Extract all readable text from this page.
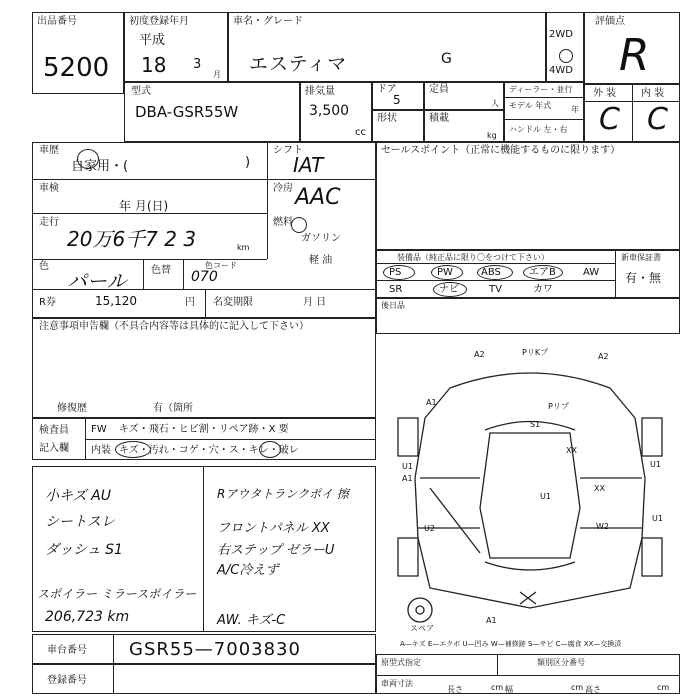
出品番号
5200
初度登録年月
平成
18 3
月
車名・グレード
エスティマ	G
2WD
4WD
評価点
R
外 装 内 装
C C
型式
DBA-GSR55W
排気量
3,500
cc
ドア
5
定員
人
形状	積載
kg
ディーラー・並行
モデル 年式 年
ハンドル 左・右
車歴
自家用・(	)
シフト
IAT
車検
年 月(日)
冷房 AAC
走行
20万6千7 2 3	km
燃料
ガソリン
軽 油
色
パール 色替	色コード
070
R券	15,120	円 名変期限	月 日
セールスポイント（正常に機能するものに限ります）
装備品（純正品に限り〇をつけて下さい）	新車保証書
有・無
PS	PW	ABS	エアB	AW
SR	ナビ	TV	カワ
後日品
注意事項申告欄（不具合内容等は具体的に記入して下さい）
修復歴	有（箇所
検査員
記入欄
FW キズ・飛石・ヒビ割・リペア跡・X 要
内装 キズ・汚れ・コゲ・穴・ス・キレ・破レ
小キズ AU
シートスレ
ダッシュ S1
スポイラー ミラースポイラー
206,723 km
Rアウタトランクポイ 擦
フロントパネル XX
右ステップ ゼラーU
A/C冷えず
AW. キズ-C
A2	PリKプ	A2
A1
S1
Pリプ
XX
U1
A1
U1
U2	W2
U1
U1
XX
A1
スペア
A—キズ E—エクボ U—凹み W—補修跡 S—サビ C—腐食 XX—交換済
車台番号 GSR55—7003830
登録番号
原型式指定	類別区分番号
車両寸法
長さ	cm 幅	cm 高さ	cm
